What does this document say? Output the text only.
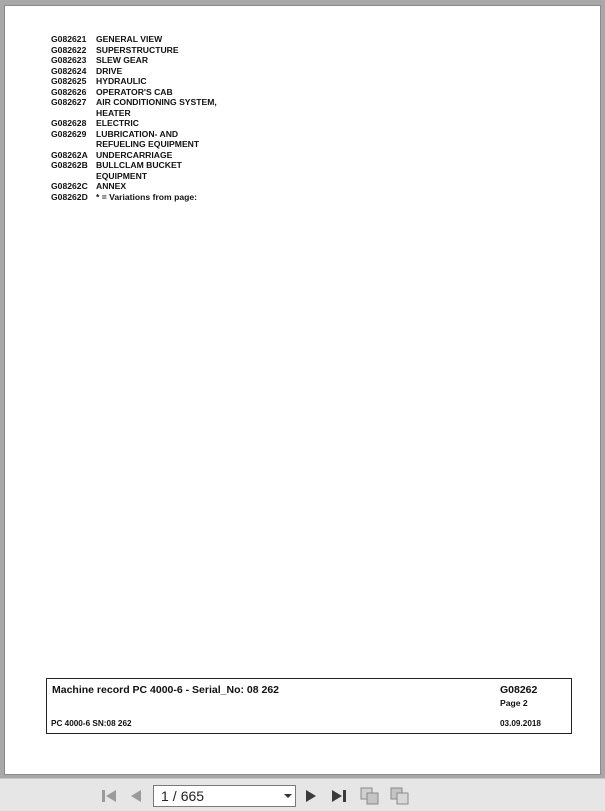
G082621	GENERAL VIEW
G082622	SUPERSTRUCTURE
G082623	SLEW GEAR
G082624	DRIVE
G082625	HYDRAULIC
G082626	OPERATOR'S CAB
G082627	AIR CONDITIONING SYSTEM,
HEATER
G082628	ELECTRIC
G082629	LUBRICATION- AND
REFUELING EQUIPMENT
G08262A UNDERCARRIAGE
G08262B BULLCLAM BUCKET
EQUIPMENT
G08262C ANNEX
G08262D * = Variations from page:
Machine record PC 4000-6 - Serial_No: 08 262	G08262
Page 2
PC 4000-6 SN:08 262	03.09.2018
1 / 665
